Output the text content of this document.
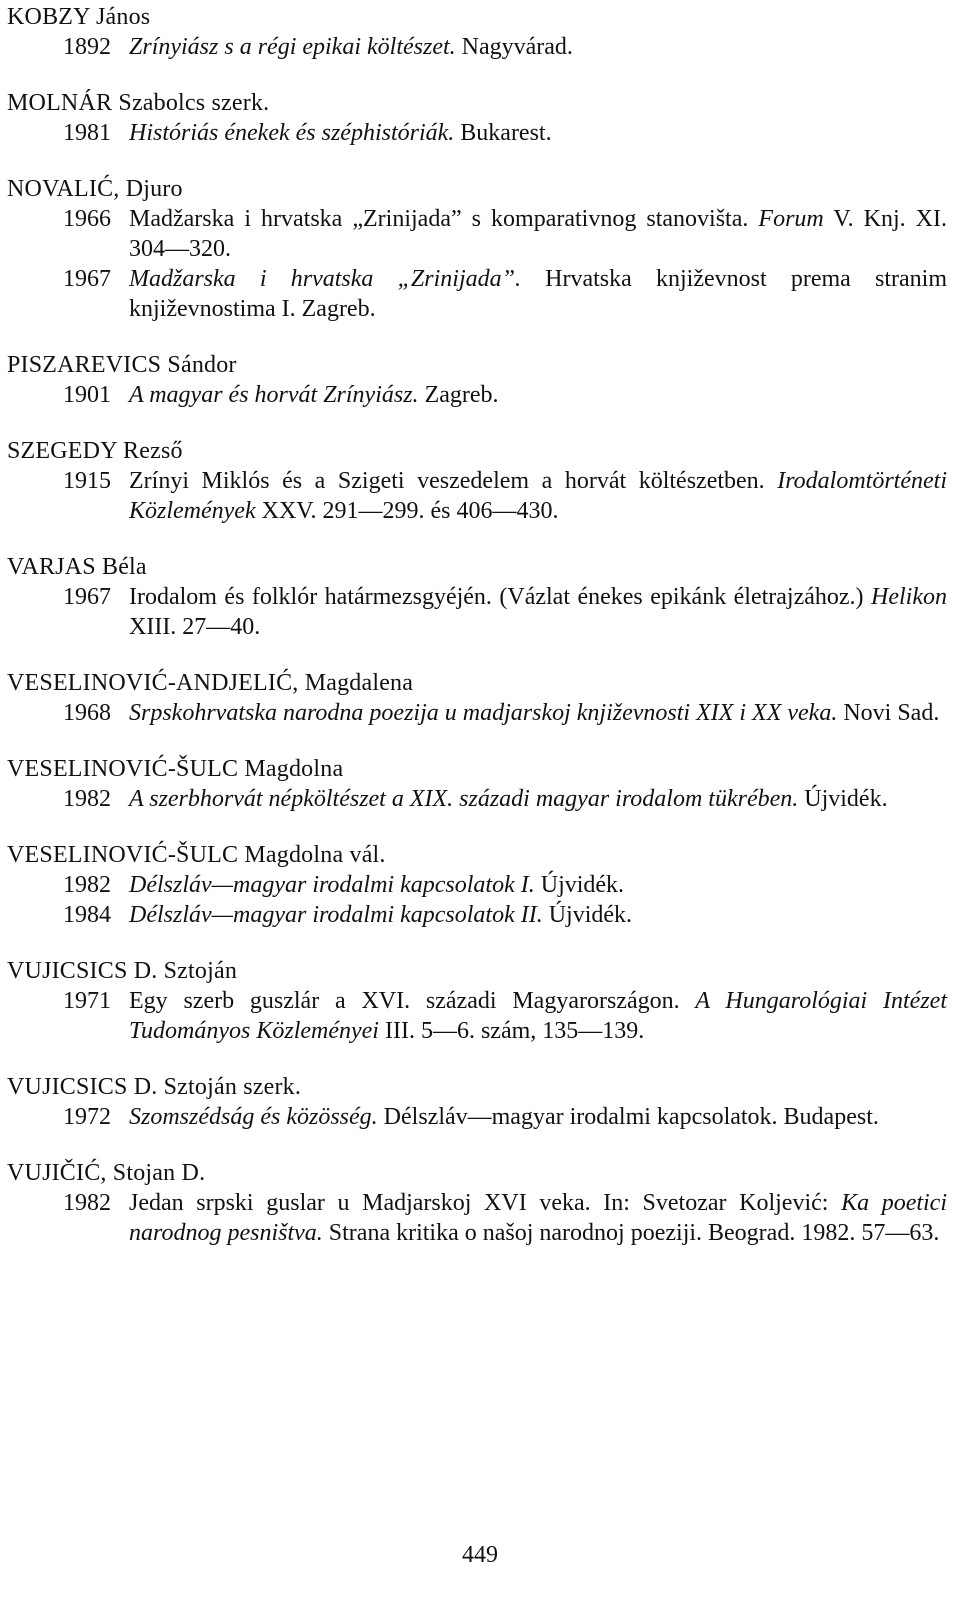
KOBZY János

1892 Zrínyiász s a régi epikai költészet. Nagyvárad.

MOLNÁR Szabolcs szerk.

1981 Históriás énekek és széphistóriák. Bukarest.

NOVALIĆ, Djuro

1966 Madžarska i hrvatska „Zrinijada” s komparativnog stanovišta. Forum V. Knj. XI. 304—320.
1967 Madžarska i hrvatska „Zrinijada”. Hrvatska književnost prema stranim književnostima I. Zagreb.

PISZAREVICS Sándor

1901 A magyar és horvát Zrínyiász. Zagreb.

SZEGEDY Rezső

1915 Zrínyi Miklós és a Szigeti veszedelem a horvát költészetben. Irodalomtörténeti Közlemények XXV. 291—299. és 406—430.

VARJAS Béla

1967 Irodalom és folklór határmezsgyéjén. (Vázlat énekes epikánk életrajzához.) Helikon XIII. 27—40.

VESELINOVIĆ-ANDJELIĆ, Magdalena

1968 Srpskohrvatska narodna poezija u madjarskoj književnosti XIX i XX veka. Novi Sad.

VESELINOVIĆ-ŠULC Magdolna

1982 A szerbhorvát népköltészet a XIX. századi magyar irodalom tükrében. Újvidék.

VESELINOVIĆ-ŠULC Magdolna vál.

1982 Délszláv—magyar irodalmi kapcsolatok I. Újvidék.
1984 Délszláv—magyar irodalmi kapcsolatok II. Újvidék.

VUJICSICS D. Sztoján

1971 Egy szerb guszlár a XVI. századi Magyarországon. A Hungarológiai Intézet Tudományos Közleményei III. 5—6. szám, 135—139.

VUJICSICS D. Sztoján szerk.

1972 Szomszédság és közösség. Délszláv—magyar irodalmi kapcsolatok. Budapest.

VUJIČIĆ, Stojan D.

1982 Jedan srpski guslar u Madjarskoj XVI veka. In: Svetozar Koljević: Ka poetici narodnog pesništva. Strana kritika o našoj narodnoj poeziji. Beograd. 1982. 57—63.
449
